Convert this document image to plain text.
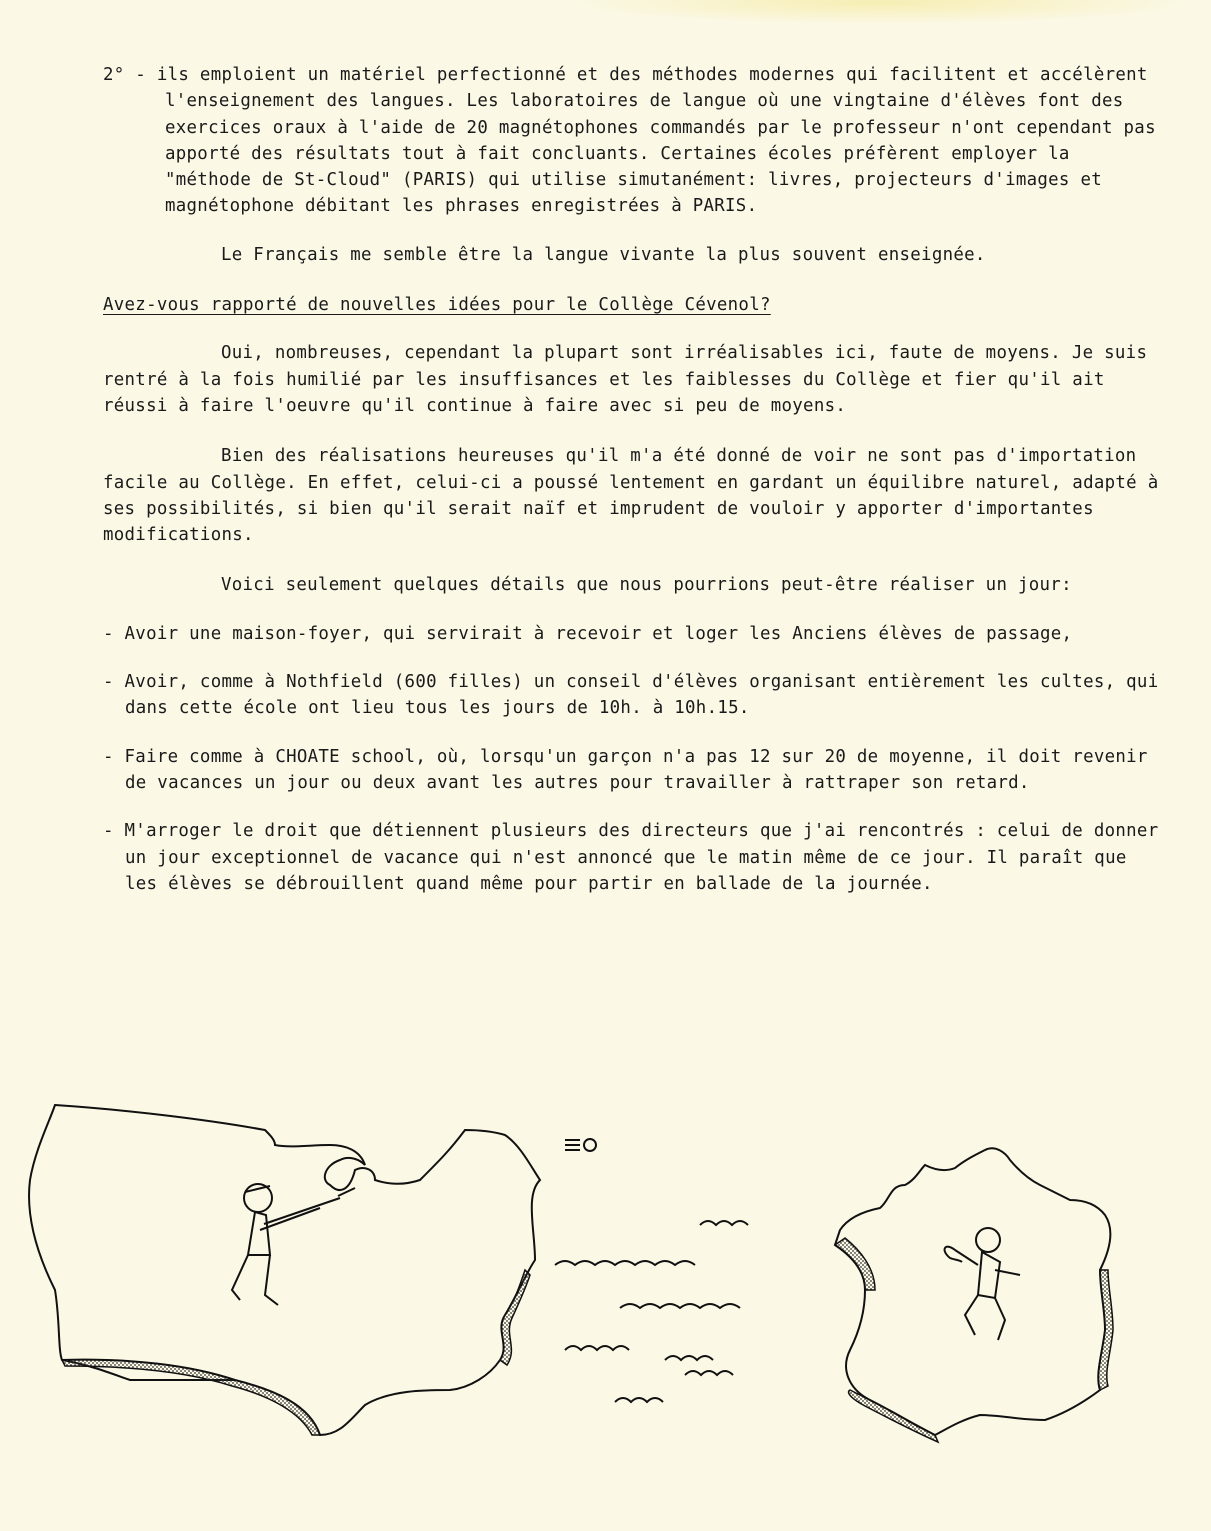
2° - ils emploient un matériel perfectionné et des méthodes modernes qui facilitent et accélèrent l'enseignement des langues. Les laboratoires de langue où une vingtaine d'élèves font des exercices oraux à l'aide de 20 magnétophones commandés par le professeur n'ont cependant pas apporté des résultats tout à fait concluants. Certaines écoles préfèrent employer la "méthode de St-Cloud" (PARIS) qui utilise simutanément: livres, projecteurs d'images et magnétophone débitant les phrases enregistrées à PARIS.

Le Français me semble être la langue vivante la plus souvent enseignée.

Avez-vous rapporté de nouvelles idées pour le Collège Cévenol?

Oui, nombreuses, cependant la plupart sont irréalisables ici, faute de moyens. Je suis rentré à la fois humilié par les insuffisances et les faiblesses du Collège et fier qu'il ait réussi à faire l'oeuvre qu'il continue à faire avec si peu de moyens.

Bien des réalisations heureuses qu'il m'a été donné de voir ne sont pas d'importation facile au Collège. En effet, celui-ci a poussé lentement en gardant un équilibre naturel, adapté à ses possibilités, si bien qu'il serait naïf et imprudent de vouloir y apporter d'importantes modifications.

Voici seulement quelques détails que nous pourrions peut-être réaliser un jour:

- Avoir une maison-foyer, qui servirait à recevoir et loger les Anciens élèves de passage,

- Avoir, comme à Nothfield (600 filles) un conseil d'élèves organisant entièrement les cultes, qui dans cette école ont lieu tous les jours de 10h. à 10h.15.

- Faire comme à CHOATE school, où, lorsqu'un garçon n'a pas 12 sur 20 de moyenne, il doit revenir de vacances un jour ou deux avant les autres pour travailler à rattraper son retard.

- M'arroger le droit que détiennent plusieurs des directeurs que j'ai rencontrés : celui de donner un jour exceptionnel de vacance qui n'est annoncé que le matin même de ce jour. Il paraît que les élèves se débrouillent quand même pour partir en ballade de la journée.
